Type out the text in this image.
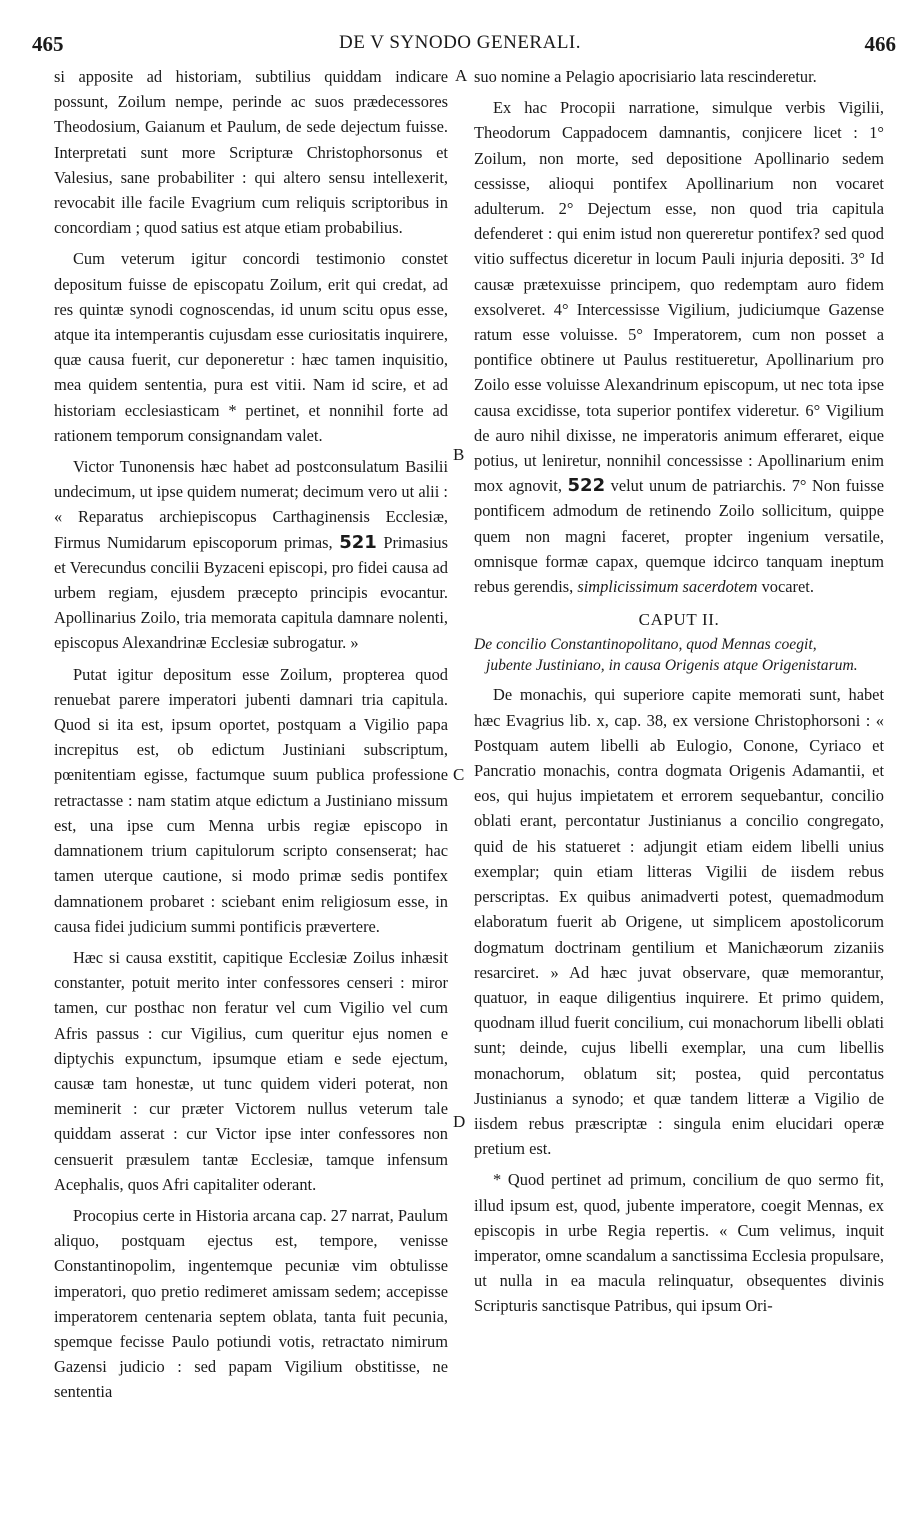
465	DE V SYNODO GENERALI.	466
A
B
C
D

si apposite ad historiam, subtilius quiddam indicare possunt, Zoilum nempe, perinde ac suos prædecessores Theodosium, Gaianum et Paulum, de sede dejectum fuisse. Interpretati sunt more Scripturæ Christophorsonus et Valesius, sane probabiliter : qui altero sensu intellexerit, revocabit ille facile Evagrium cum reliquis scriptoribus in concordiam ; quod satius est atque etiam probabilius.

Cum veterum igitur concordi testimonio constet depositum fuisse de episcopatu Zoilum, erit qui credat, ad res quintæ synodi cognoscendas, id unum scitu opus esse, atque ita intemperantis cujusdam esse curiositatis inquirere, quæ causa fuerit, cur deponeretur : hæc tamen inquisitio, mea quidem sententia, pura est vitii. Nam id scire, et ad historiam ecclesiasticam * pertinet, et nonnihil forte ad rationem temporum consignandam valet.

Victor Tunonensis hæc habet ad postconsulatum Basilii undecimum, ut ipse quidem numerat; decimum vero ut alii : « Reparatus archiepiscopus Carthaginensis Ecclesiæ, Firmus Numidarum episcoporum primas, 521 Primasius et Verecundus concilii Byzaceni episcopi, pro fidei causa ad urbem regiam, ejusdem præcepto principis evocantur. Apollinarius Zoilo, tria memorata capitula damnare nolenti, episcopus Alexandrinæ Ecclesiæ subrogatur. »

Putat igitur depositum esse Zoilum, propterea quod renuebat parere imperatori jubenti damnari tria capitula. Quod si ita est, ipsum oportet, postquam a Vigilio papa increpitus est, ob edictum Justiniani subscriptum, pœnitentiam egisse, factumque suum publica professione retractasse : nam statim atque edictum a Justiniano missum est, una ipse cum Menna urbis regiæ episcopo in damnationem trium capitulorum scripto consenserat; hac tamen uterque cautione, si modo primæ sedis pontifex damnationem probaret : sciebant enim religiosum esse, in causa fidei judicium summi pontificis prævertere.

Hæc si causa exstitit, capitique Ecclesiæ Zoilus inhæsit constanter, potuit merito inter confessores censeri : miror tamen, cur posthac non feratur vel cum Vigilio vel cum Afris passus : cur Vigilius, cum queritur ejus nomen e diptychis expunctum, ipsumque etiam e sede ejectum, causæ tam honestæ, ut tunc quidem videri poterat, non meminerit : cur præter Victorem nullus veterum tale quiddam asserat : cur Victor ipse inter confessores non censuerit præsulem tantæ Ecclesiæ, tamque infensum Acephalis, quos Afri capitaliter oderant.

Procopius certe in Historia arcana cap. 27 narrat, Paulum aliquo, postquam ejectus est, tempore, venisse Constantinopolim, ingentemque pecuniæ vim obtulisse imperatori, quo pretio redimeret amissam sedem; accepisse imperatorem centenaria septem oblata, tanta fuit pecunia, spemque fecisse Paulo potiundi votis, retractato nimirum Gazensi judicio : sed papam Vigilium obstitisse, ne sententia

suo nomine a Pelagio apocrisiario lata rescinderetur.

Ex hac Procopii narratione, simulque verbis Vigilii, Theodorum Cappadocem damnantis, conjicere licet : 1° Zoilum, non morte, sed depositione Apollinario sedem cessisse, alioqui pontifex Apollinarium non vocaret adulterum. 2° Dejectum esse, non quod tria capitula defenderet : qui enim istud non quereretur pontifex? sed quod vitio suffectus diceretur in locum Pauli injuria depositi. 3° Id causæ prætexuisse principem, quo redemptam auro fidem exsolveret. 4° Intercessisse Vigilium, judiciumque Gazense ratum esse voluisse. 5° Imperatorem, cum non posset a pontifice obtinere ut Paulus restitueretur, Apollinarium pro Zoilo esse voluisse Alexandrinum episcopum, ut nec tota ipse causa excidisse, tota superior pontifex videretur. 6° Vigilium de auro nihil dixisse, ne imperatoris animum efferaret, eique potius, ut leniretur, nonnihil concessisse : Apollinarium enim mox agnovit, 522 velut unum de patriarchis. 7° Non fuisse pontificem admodum de retinendo Zoilo sollicitum, quippe quem non magni faceret, propter ingenium versatile, omnisque formæ capax, quemque idcirco tanquam ineptum rebus gerendis, simplicissimum sacerdotem vocaret.

CAPUT II.
De concilio Constantinopolitano, quod Mennas coegit,
jubente Justiniano, in causa Origenis atque Origenistarum.

De monachis, qui superiore capite memorati sunt, habet hæc Evagrius lib. x, cap. 38, ex versione Christophorsoni : « Postquam autem libelli ab Eulogio, Conone, Cyriaco et Pancratio monachis, contra dogmata Origenis Adamantii, et eos, qui hujus impietatem et errorem sequebantur, concilio oblati erant, percontatur Justinianus a concilio congregato, quid de his statueret : adjungit etiam eidem libelli unius exemplar; quin etiam litteras Vigilii de iisdem rebus perscriptas. Ex quibus animadverti potest, quemadmodum elaboratum fuerit ab Origene, ut simplicem apostolicorum dogmatum doctrinam gentilium et Manichæorum zizaniis resarciret. » Ad hæc juvat observare, quæ memorantur, quatuor, in eaque diligentius inquirere. Et primo quidem, quodnam illud fuerit concilium, cui monachorum libelli oblati sunt; deinde, cujus libelli exemplar, una cum libellis monachorum, oblatum sit; postea, quid percontatus Justinianus a synodo; et quæ tandem litteræ a Vigilio de iisdem rebus præscriptæ : singula enim elucidari operæ pretium est.

* Quod pertinet ad primum, concilium de quo sermo fit, illud ipsum est, quod, jubente imperatore, coegit Mennas, ex episcopis in urbe Regia repertis. « Cum velimus, inquit imperator, omne scandalum a sanctissima Ecclesia propulsare, ut nulla in ea macula relinquatur, obsequentes divinis Scripturis sanctisque Patribus, qui ipsum Ori-
